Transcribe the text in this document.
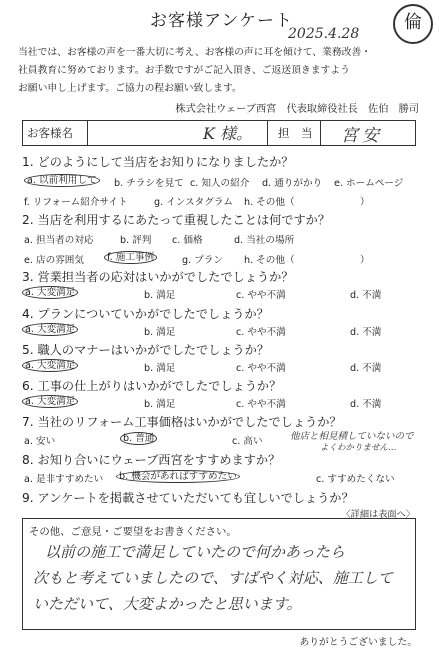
お客様アンケート
2025.4.28
倫
当社では、お客様の声を一番大切に考え、お客様の声に耳を傾けて、業務改善・
社員教育に努めております。お手数ですがご記入頂き、ご返送頂きますよう
お願い申し上げます。ご協力の程お願い致します。
株式会社ウェーブ西宮　代表取締役社長　佐伯　勝司
お客様名	K 様。 担　当 宮安
1. どのようにして当店をお知りになりましたか？
a. 以前利用して	b. チラシを見て c. 知人の紹介 d. 通りがかり e. ホームページ
f. リフォーム紹介サイト	g. インスタグラム h. その他（	）
2. 当店を利用するにあたって重視したことは何ですか？
a. 担当者の対応	b. 評判 c. 価格	d. 当社の場所
e. 店の雰囲気	f. 施工事例	g. プラン h. その他（	）
3. 営業担当者の応対はいかがでしたでしょうか？
a. 大変満足	b. 満足	c. やや不満	d. 不満
4. プランについていかがでしたでしょうか？
a. 大変満足	b. 満足	c. やや不満	d. 不満
5. 職人のマナーはいかがでしたでしょうか？
a. 大変満足	b. 満足	c. やや不満	d. 不満
6. 工事の仕上がりはいかがでしたでしょうか？
a. 大変満足	b. 満足	c. やや不満	d. 不満
7. 当社のリフォーム工事価格はいかがでしたでしょうか？
a. 安い	b. 普通	c. 高い	他店と相見積していないので
よくわかりません…
8. お知り合いにウェーブ西宮をすすめますか？
a. 是非すすめたい	b. 機会があればすすめたい	c. すすめたくない
9. アンケートを掲載させていただいても宜しいでしょうか？
〈詳細は表面へ〉
その他、ご意見・ご要望をお書きください。
以前の施工で満足していたので何かあったら
次もと考えていましたので、すばやく対応、施工して
いただいて、大変よかったと思います。
ありがとうございました。
